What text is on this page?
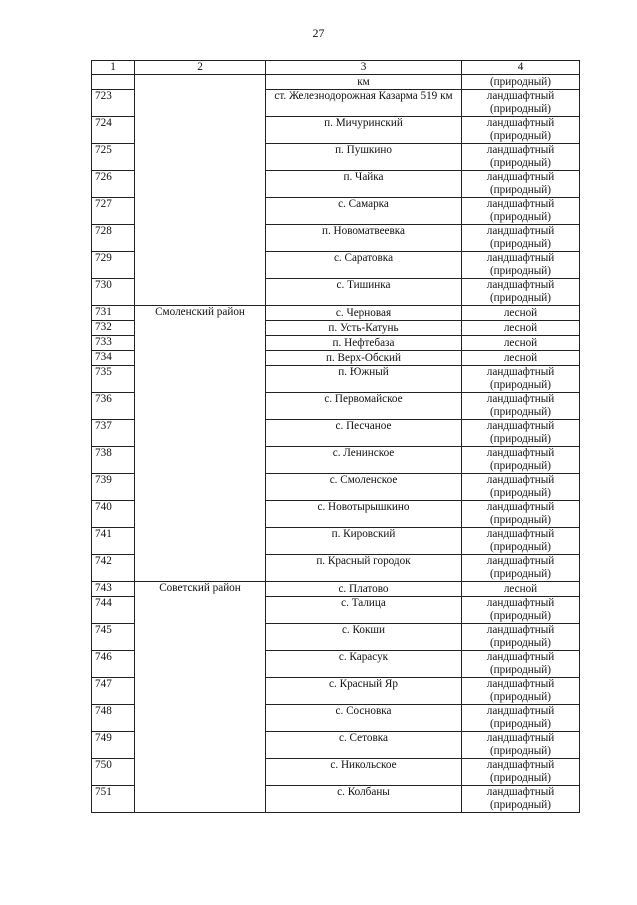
27
1	2	3	4
		км	(природный)
723		ст. Железнодорожная Казарма 519 км	ландшафтный (природный)
724		п. Мичуринский	ландшафтный (природный)
725		п. Пушкино	ландшафтный (природный)
726		п. Чайка	ландшафтный (природный)
727		с. Самарка	ландшафтный (природный)
728		п. Новоматвеевка	ландшафтный (природный)
729		с. Саратовка	ландшафтный (природный)
730		с. Тишинка	ландшафтный (природный)
731	Смоленский район	с. Черновая	лесной
732		п. Усть-Катунь	лесной
733		п. Нефтебаза	лесной
734		п. Верх-Обский	лесной
735		п. Южный	ландшафтный (природный)
736		с. Первомайское	ландшафтный (природный)
737		с. Песчаное	ландшафтный (природный)
738		с. Ленинское	ландшафтный (природный)
739		с. Смоленское	ландшафтный (природный)
740		с. Новотырышкино	ландшафтный (природный)
741		п. Кировский	ландшафтный (природный)
742		п. Красный городок	ландшафтный (природный)
743	Советский район	с. Платово	лесной
744		с. Талица	ландшафтный (природный)
745		с. Кокши	ландшафтный (природный)
746		с. Карасук	ландшафтный (природный)
747		с. Красный Яр	ландшафтный (природный)
748		с. Сосновка	ландшафтный (природный)
749		с. Сетовка	ландшафтный (природный)
750		с. Никольское	ландшафтный (природный)
751		с. Колбаны	ландшафтный (природный)
